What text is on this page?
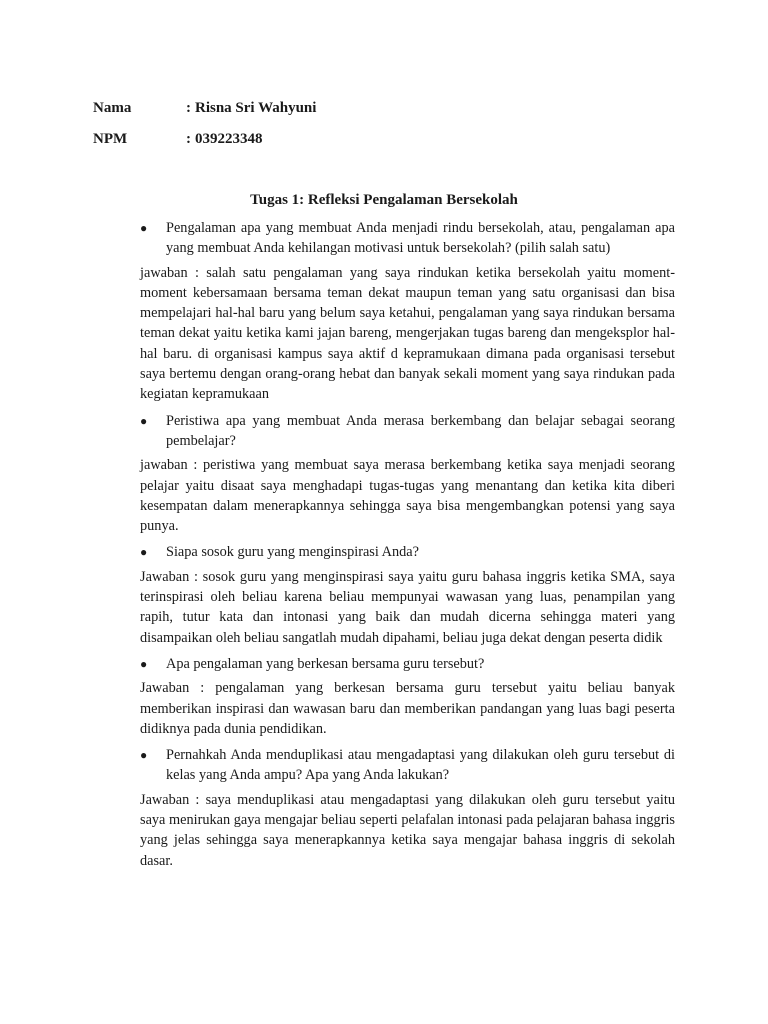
Nama	: Risna Sri Wahyuni
NPM	: 039223348
Tugas 1: Refleksi Pengalaman Bersekolah
● Pengalaman apa yang membuat Anda menjadi rindu bersekolah, atau, pengalaman apa yang membuat Anda kehilangan motivasi untuk bersekolah? (pilih salah satu)

jawaban : salah satu pengalaman yang saya rindukan ketika bersekolah yaitu moment-moment kebersamaan bersama teman dekat maupun teman yang satu organisasi dan bisa mempelajari hal-hal baru yang belum saya ketahui, pengalaman yang saya rindukan bersama teman dekat yaitu ketika kami jajan bareng, mengerjakan tugas bareng dan mengeksplor hal-hal baru. di organisasi kampus saya aktif d kepramukaan dimana pada organisasi tersebut saya bertemu dengan orang-orang hebat dan banyak sekali moment yang saya rindukan pada kegiatan kepramukaan

● Peristiwa apa yang membuat Anda merasa berkembang dan belajar sebagai seorang pembelajar?

jawaban : peristiwa yang membuat saya merasa berkembang ketika saya menjadi seorang pelajar yaitu disaat saya menghadapi tugas-tugas yang menantang dan ketika kita diberi kesempatan dalam menerapkannya sehingga saya bisa mengembangkan potensi yang saya punya.

● Siapa sosok guru yang menginspirasi Anda?

Jawaban : sosok guru yang menginspirasi saya yaitu guru bahasa inggris ketika SMA, saya terinspirasi oleh beliau karena beliau mempunyai wawasan yang luas, penampilan yang rapih, tutur kata dan intonasi yang baik dan mudah dicerna sehingga materi yang disampaikan oleh beliau sangatlah mudah dipahami, beliau juga dekat dengan peserta didik

● Apa pengalaman yang berkesan bersama guru tersebut?

Jawaban : pengalaman yang berkesan bersama guru tersebut yaitu beliau banyak memberikan inspirasi dan wawasan baru dan memberikan pandangan yang luas bagi peserta didiknya pada dunia pendidikan.

● Pernahkah Anda menduplikasi atau mengadaptasi yang dilakukan oleh guru tersebut di kelas yang Anda ampu? Apa yang Anda lakukan?

Jawaban : saya menduplikasi atau mengadaptasi yang dilakukan oleh guru tersebut yaitu saya menirukan gaya mengajar beliau seperti pelafalan intonasi pada pelajaran bahasa inggris yang jelas sehingga saya menerapkannya ketika saya mengajar bahasa inggris di sekolah dasar.
